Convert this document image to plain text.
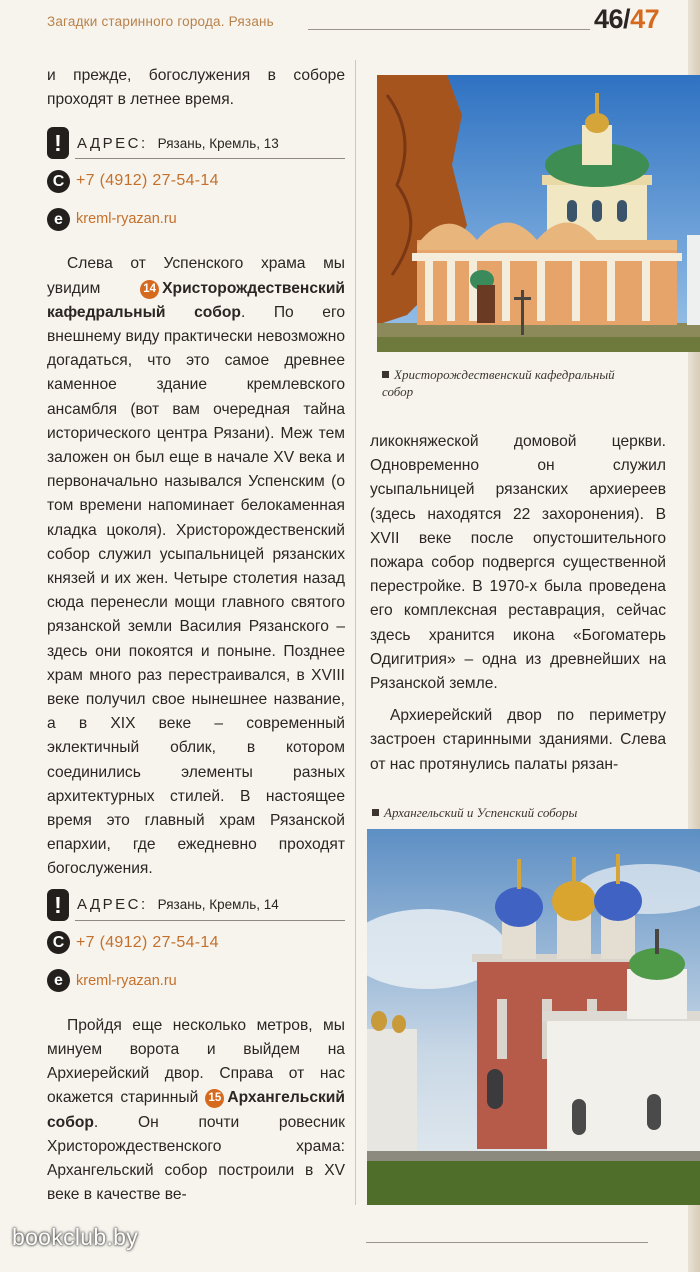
Загадки старинного города. Рязань	46/47

и прежде, богослужения в соборе проходят в летнее время.

!	АДРЕС: Рязань, Кремль, 13
C +7 (4912) 27-54-14
e kreml-ryazan.ru

Слева от Успенского храма мы увидим	14 Христорождественский кафедральный собор. По его внешнему виду практически невозможно догадаться, что это самое древнее каменное здание кремлевского ансамбля (вот вам очередная тайна исторического центра Рязани). Меж тем заложен он был еще в начале XV века и первоначально назывался Успенским (о том времени напоминает белокаменная кладка цоколя). Христорождественский собор служил усыпальницей рязанских князей и их жен. Четыре столетия назад сюда перенесли мощи главного святого рязанской земли Василия Рязанского – здесь они покоятся и поныне. Позднее храм много раз перестраивался, в XVIII веке получил свое нынешнее название, а в XIX веке – современный эклектичный облик, в котором соединились элементы разных архитектурных стилей. В настоящее время это главный храм Рязанской епархии, где ежедневно проходят богослужения.

!	АДРЕС: Рязань, Кремль, 14
C +7 (4912) 27-54-14
e kreml-ryazan.ru

Пройдя еще несколько метров, мы минуем ворота и выйдем на Архиерейский двор. Справа от нас окажется старинный 15 Архангельский собор. Он почти ровесник Христорождественского храма: Архангельский собор построили в XV веке в качестве ве-

Христорождественский кафедральный собор

ликокняжеской домовой церкви. Одновременно он служил усыпальницей рязанских архиереев (здесь находятся 22 захоронения). В XVII веке после опустошительного пожара собор подвергся существенной перестройке. В 1970-х была проведена его комплексная реставрация, сейчас здесь хранится икона «Богоматерь Одигитрия» – одна из древнейших на Рязанской земле.

Архиерейский двор по периметру застроен старинными зданиями. Слева от нас протянулись палаты рязан-

Архангельский и Успенский соборы
bookclub.by
